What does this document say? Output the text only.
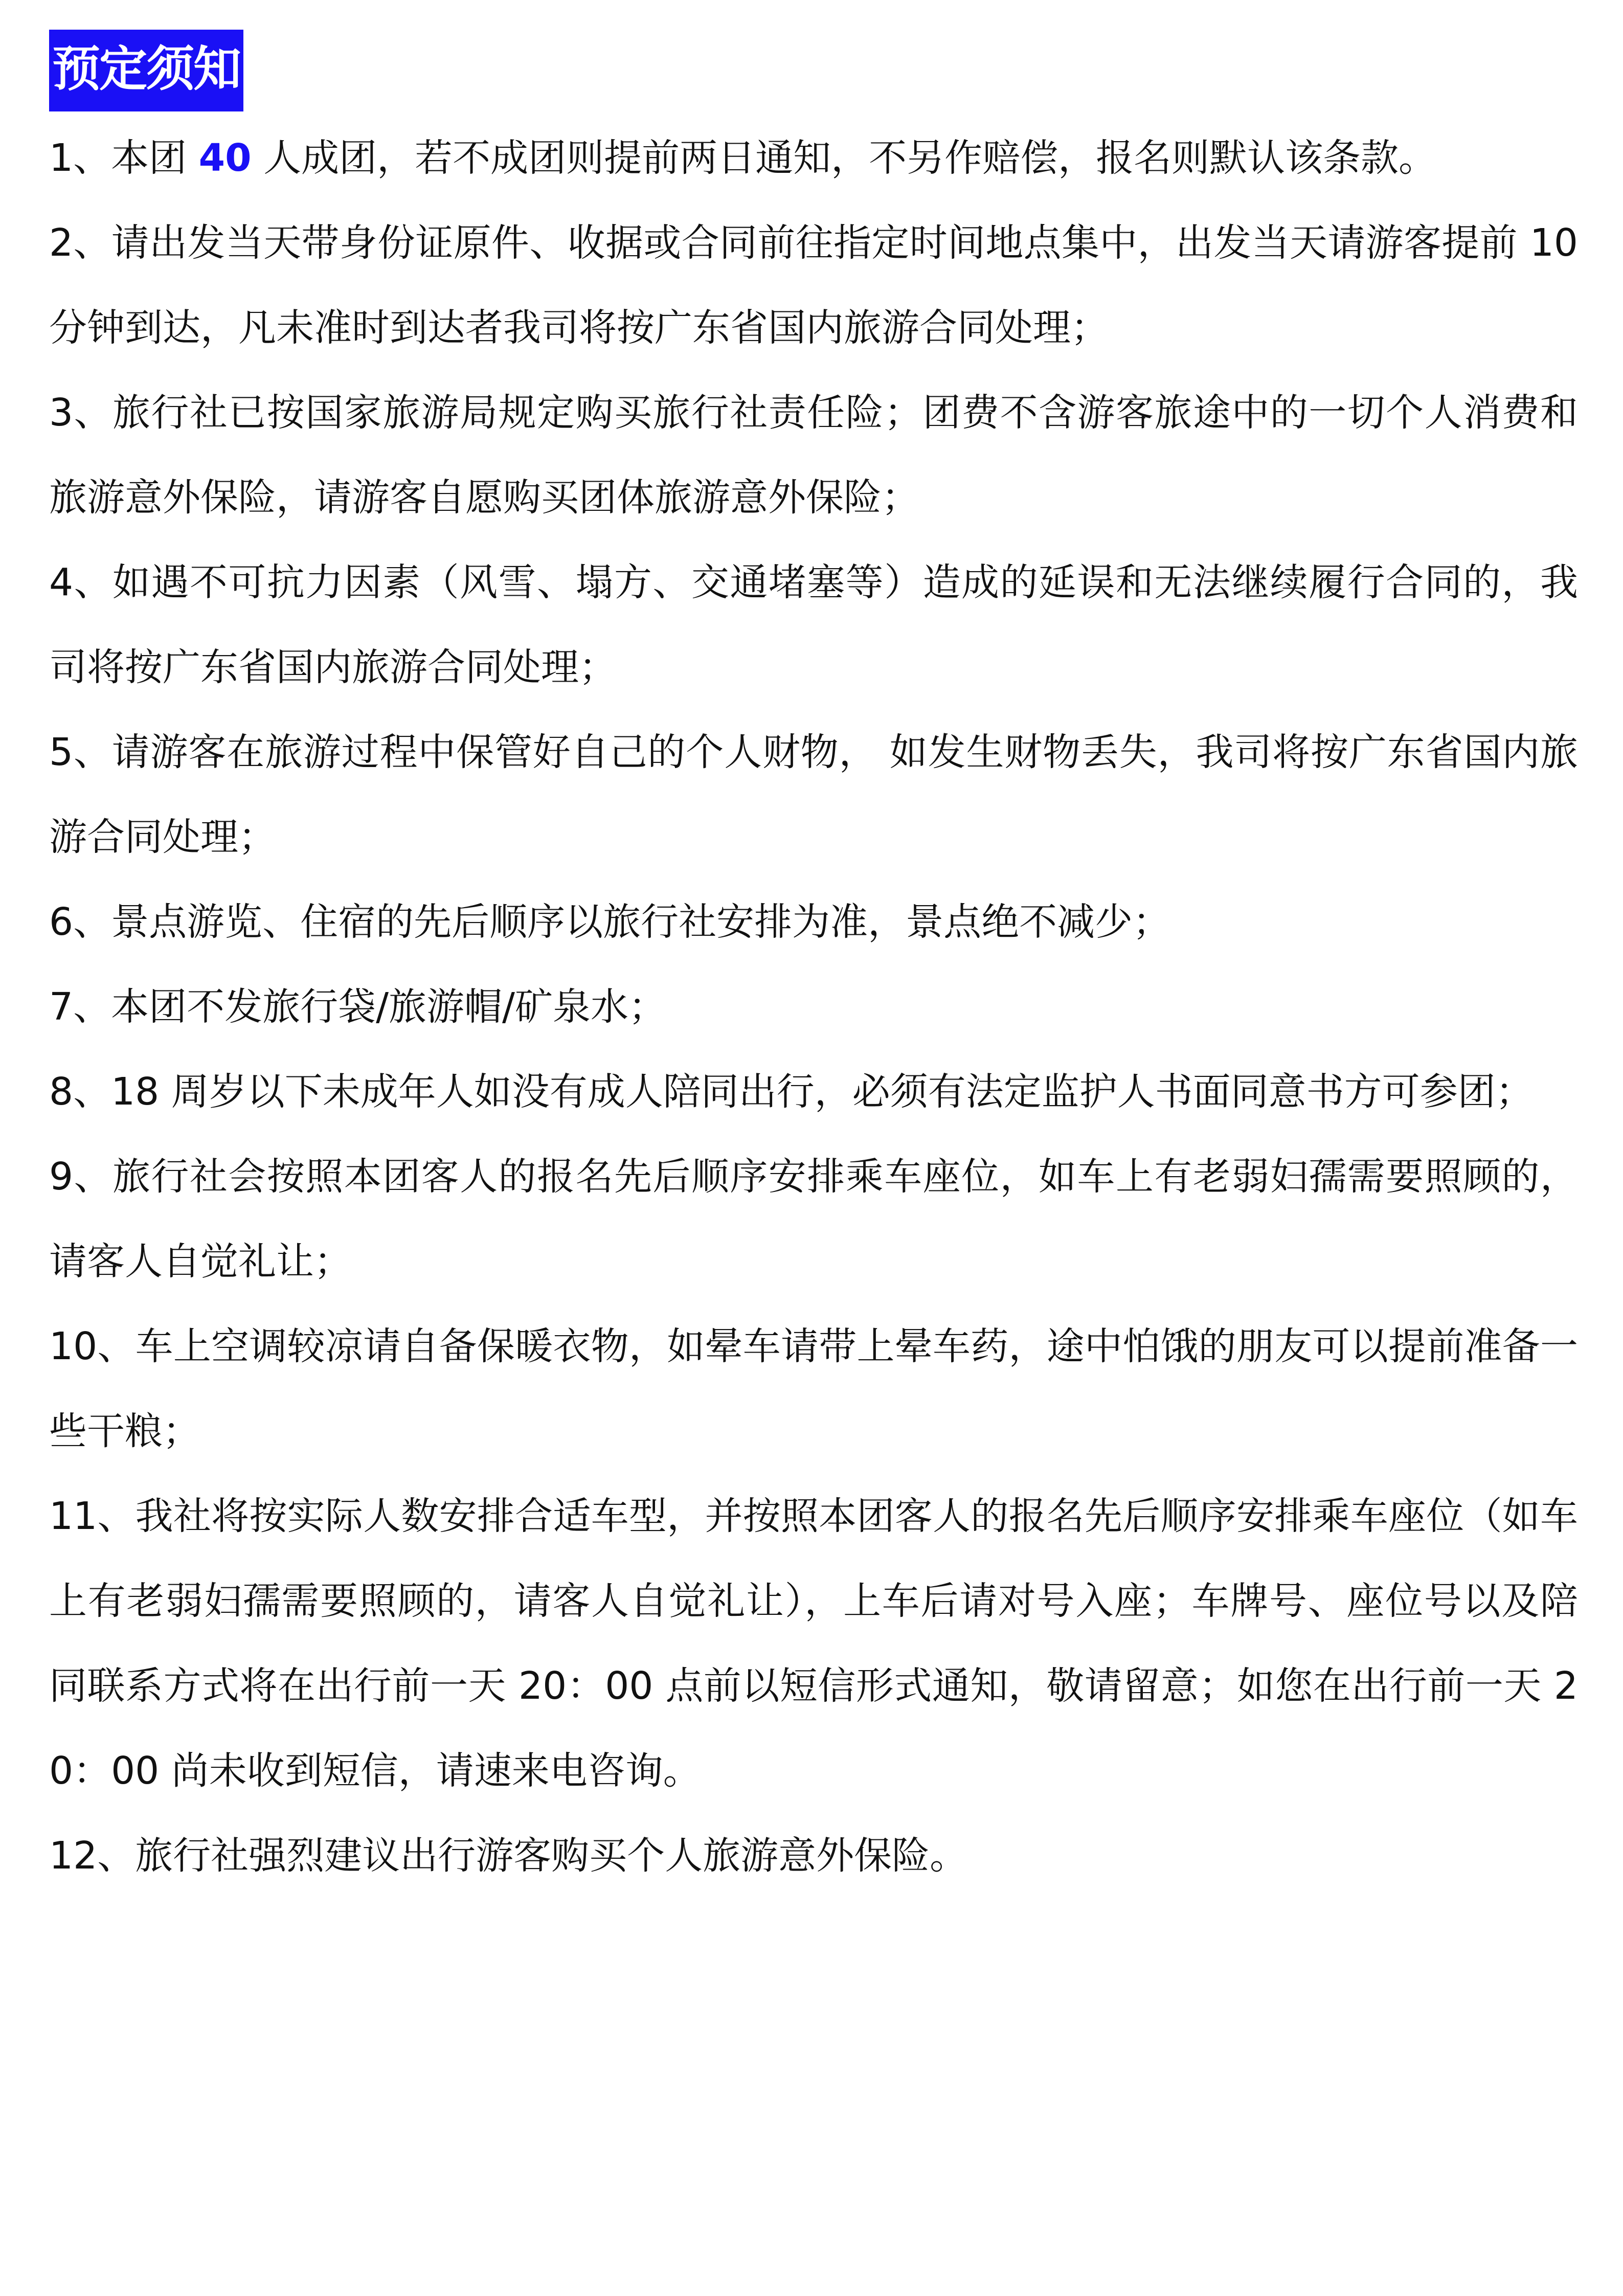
预定须知

1、本团 40 人成团，若不成团则提前两日通知，不另作赔偿，报名则默认该条款。

2、请出发当天带身份证原件、收据或合同前往指定时间地点集中，出发当天请游客提前 10 分钟到达，凡未准时到达者我司将按广东省国内旅游合同处理；

3、旅行社已按国家旅游局规定购买旅行社责任险；团费不含游客旅途中的一切个人消费和旅游意外保险，请游客自愿购买团体旅游意外保险；

4、如遇不可抗力因素（风雪、塌方、交通堵塞等）造成的延误和无法继续履行合同的，我司将按广东省国内旅游合同处理；

5、请游客在旅游过程中保管好自己的个人财物， 如发生财物丢失，我司将按广东省国内旅游合同处理；

6、景点游览、住宿的先后顺序以旅行社安排为准，景点绝不减少；

7、本团不发旅行袋/旅游帽/矿泉水；

8、18 周岁以下未成年人如没有成人陪同出行，必须有法定监护人书面同意书方可参团；

9、旅行社会按照本团客人的报名先后顺序安排乘车座位，如车上有老弱妇孺需要照顾的，请客人自觉礼让；

10、车上空调较凉请自备保暖衣物，如晕车请带上晕车药，途中怕饿的朋友可以提前准备一些干粮；

11、我社将按实际人数安排合适车型，并按照本团客人的报名先后顺序安排乘车座位（如车上有老弱妇孺需要照顾的，请客人自觉礼让），上车后请对号入座；车牌号、座位号以及陪同联系方式将在出行前一天 20：00 点前以短信形式通知，敬请留意；如您在出行前一天 20：00 尚未收到短信，请速来电咨询。

12、旅行社强烈建议出行游客购买个人旅游意外保险。
